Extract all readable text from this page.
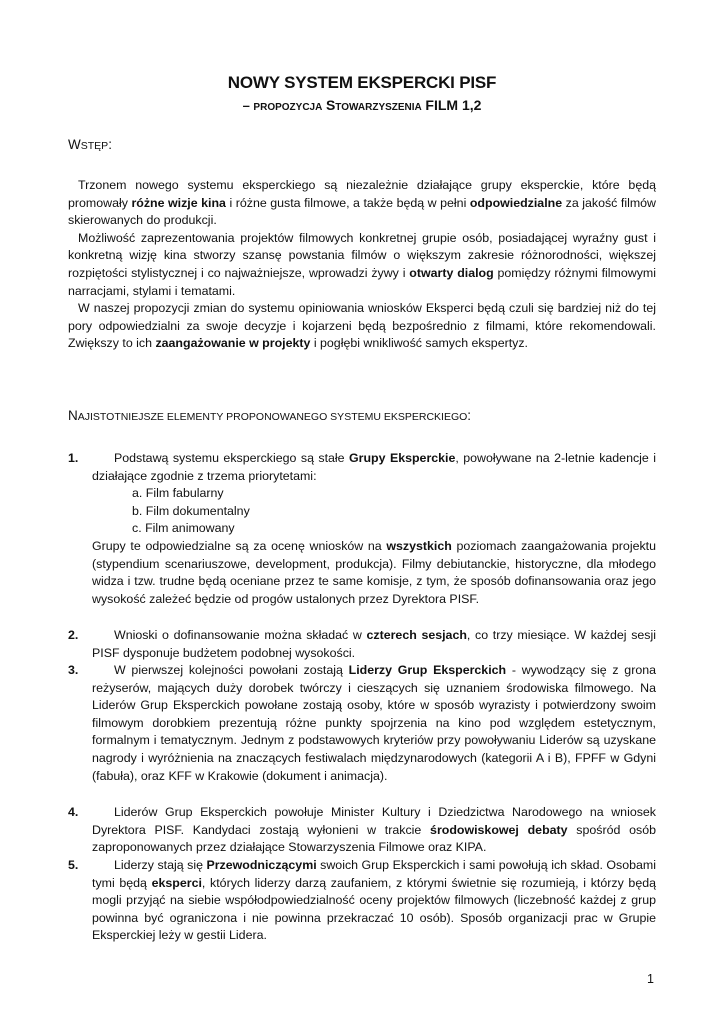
NOWY SYSTEM EKSPERCKI PISF
– PROPOZYCJA STOWARZYSZENIA FILM 1,2
WSTĘP:

Trzonem nowego systemu eksperckiego są niezależnie działające grupy eksperckie, które będą promowały różne wizje kina i różne gusta filmowe, a także będą w pełni odpowiedzialne za jakość filmów skierowanych do produkcji.

Możliwość zaprezentowania projektów filmowych konkretnej grupie osób, posiadającej wyraźny gust i konkretną wizję kina stworzy szansę powstania filmów o większym zakresie różnorodności, większej rozpiętości stylistycznej i co najważniejsze, wprowadzi żywy i otwarty dialog pomiędzy różnymi filmowymi narracjami, stylami i tematami.

W naszej propozycji zmian do systemu opiniowania wniosków Eksperci będą czuli się bardziej niż do tej pory odpowiedzialni za swoje decyzje i kojarzeni będą bezpośrednio z filmami, które rekomendowali. Zwiększy to ich zaangażowanie w projekty i pogłębi wnikliwość samych ekspertyz.

NAJISTOTNIEJSZE ELEMENTY PROPONOWANEGO SYSTEMU EKSPERCKIEGO:
1.	Podstawą systemu eksperckiego są stałe Grupy Eksperckie, powoływane na 2-letnie kadencje i działające zgodnie z trzema priorytetami:
a. Film fabularny
b. Film dokumentalny
c. Film animowany
Grupy te odpowiedzialne są za ocenę wniosków na wszystkich poziomach zaangażowania projektu (stypendium scenariuszowe, development, produkcja). Filmy debiutanckie, historyczne, dla młodego widza i tzw. trudne będą oceniane przez te same komisje, z tym, że sposób dofinansowania oraz jego wysokość zależeć będzie od progów ustalonych przez Dyrektora PISF.
2.	Wnioski o dofinansowanie można składać w czterech sesjach, co trzy miesiące. W każdej sesji PISF dysponuje budżetem podobnej wysokości.
3.	W pierwszej kolejności powołani zostają Liderzy Grup Eksperckich - wywodzący się z grona reżyserów, mających duży dorobek twórczy i cieszących się uznaniem środowiska filmowego. Na Liderów Grup Eksperckich powołane zostają osoby, które w sposób wyrazisty i potwierdzony swoim filmowym dorobkiem prezentują różne punkty spojrzenia na kino pod względem estetycznym, formalnym i tematycznym. Jednym z podstawowych kryteriów przy powoływaniu Liderów są uzyskane nagrody i wyróżnienia na znaczących festiwalach międzynarodowych (kategorii A i B), FPFF w Gdyni (fabuła), oraz KFF w Krakowie (dokument i animacja).
4.	Liderów Grup Eksperckich powołuje Minister Kultury i Dziedzictwa Narodowego na wniosek Dyrektora PISF. Kandydaci zostają wyłonieni w trakcie środowiskowej debaty spośród osób zaproponowanych przez działające Stowarzyszenia Filmowe oraz KIPA.
5.	Liderzy stają się Przewodniczącymi swoich Grup Eksperckich i sami powołują ich skład. Osobami tymi będą eksperci, których liderzy darzą zaufaniem, z którymi świetnie się rozumieją, i którzy będą mogli przyjąć na siebie współodpowiedzialność oceny projektów filmowych (liczebność każdej z grup powinna być ograniczona i nie powinna przekraczać 10 osób). Sposób organizacji prac w Grupie Eksperckiej leży w gestii Lidera.
1
